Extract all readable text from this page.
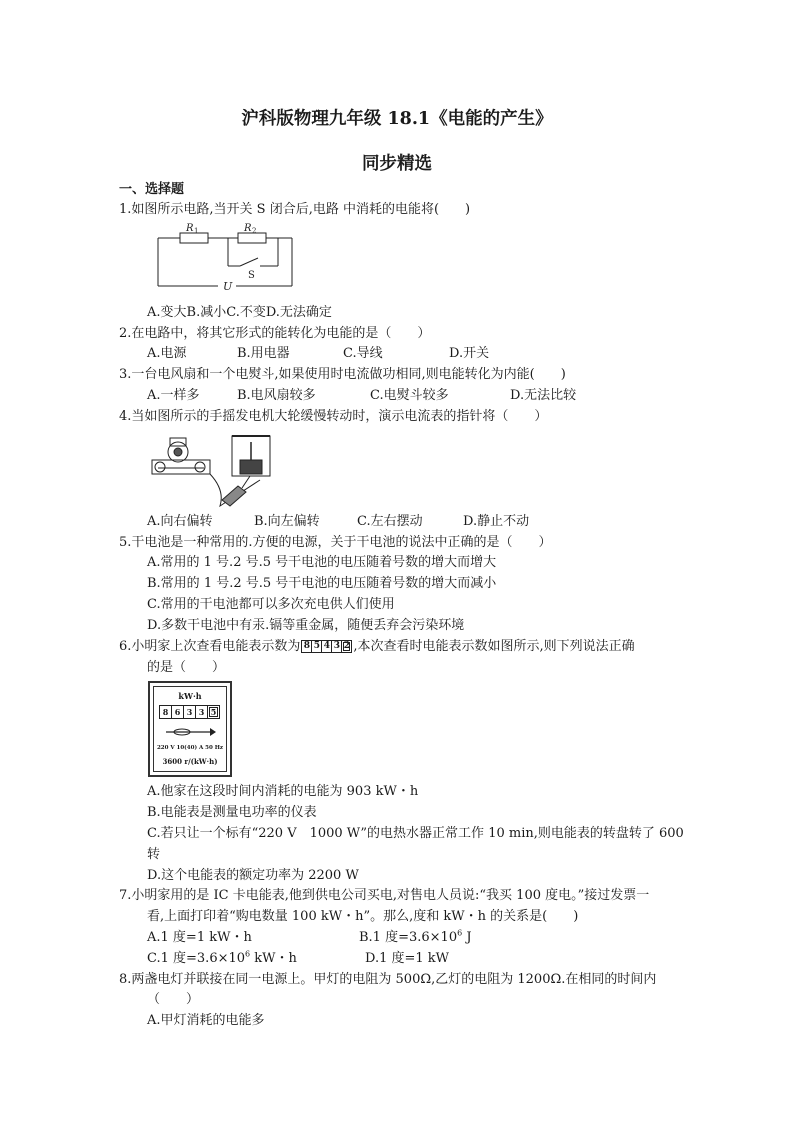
沪科版物理九年级 18.1《电能的产生》
同步精选
一、选择题
1.如图所示电路,当开关 S 闭合后,电路 中消耗的电能将(　　)
R 1	R 2
S
U
A.变大B.减小C.不变D.无法确定
2.在电路中，将其它形式的能转化为电能的是（　　）
A.电源	B.用电器	C.导线	D.开关
3.一台电风扇和一个电熨斗,如果使用时电流做功相同,则电能转化为内能(　　)
A.一样多	B.电风扇较多	C.电熨斗较多	D.无法比较
4.当如图所示的手摇发电机大轮缓慢转动时，演示电流表的指针将（　　）
A.向右偏转	B.向左偏转	C.左右摆动	D.静止不动
5.干电池是一种常用的.方便的电源，关于干电池的说法中正确的是（　　）
A.常用的 1 号.2 号.5 号干电池的电压随着号数的增大而增大
B.常用的 1 号.2 号.5 号干电池的电压随着号数的增大而减小
C.常用的干电池都可以多次充电供人们使用
D.多数干电池中有汞.镉等重金属，随便丢弃会污染环境
6.小明家上次查看电能表示数为 8 5 4 3 2 ,本次查看时电能表示数如图所示,则下列说法正确
的是（　　）
kW·h
8 6 3 3 5
220 V 10(40) A 50 Hz
3600 r/(kW·h)
A.他家在这段时间内消耗的电能为 903 kW・h
B.电能表是测量电功率的仪表
C.若只让一个标有“220 V　1000 W”的电热水器正常工作 10 min,则电能表的转盘转了 600
转
D.这个电能表的额定功率为 2200 W
7.小明家用的是 IC 卡电能表,他到供电公司买电,对售电人员说:“我买 100 度电。”接过发票一
看,上面打印着“购电数量 100 kW・h”。那么,度和 kW・h 的关系是(　　)
A.1 度=1 kW・h	B.1 度$=3.6\times 10^6$ J
C.1 度$=3.6\times 10^6$ kW・h	D.1 度=1 kW
8.两盏电灯并联接在同一电源上。甲灯的电阻为 500Ω,乙灯的电阻为 1200Ω.在相同的时间内
（　　）
A.甲灯消耗的电能多
